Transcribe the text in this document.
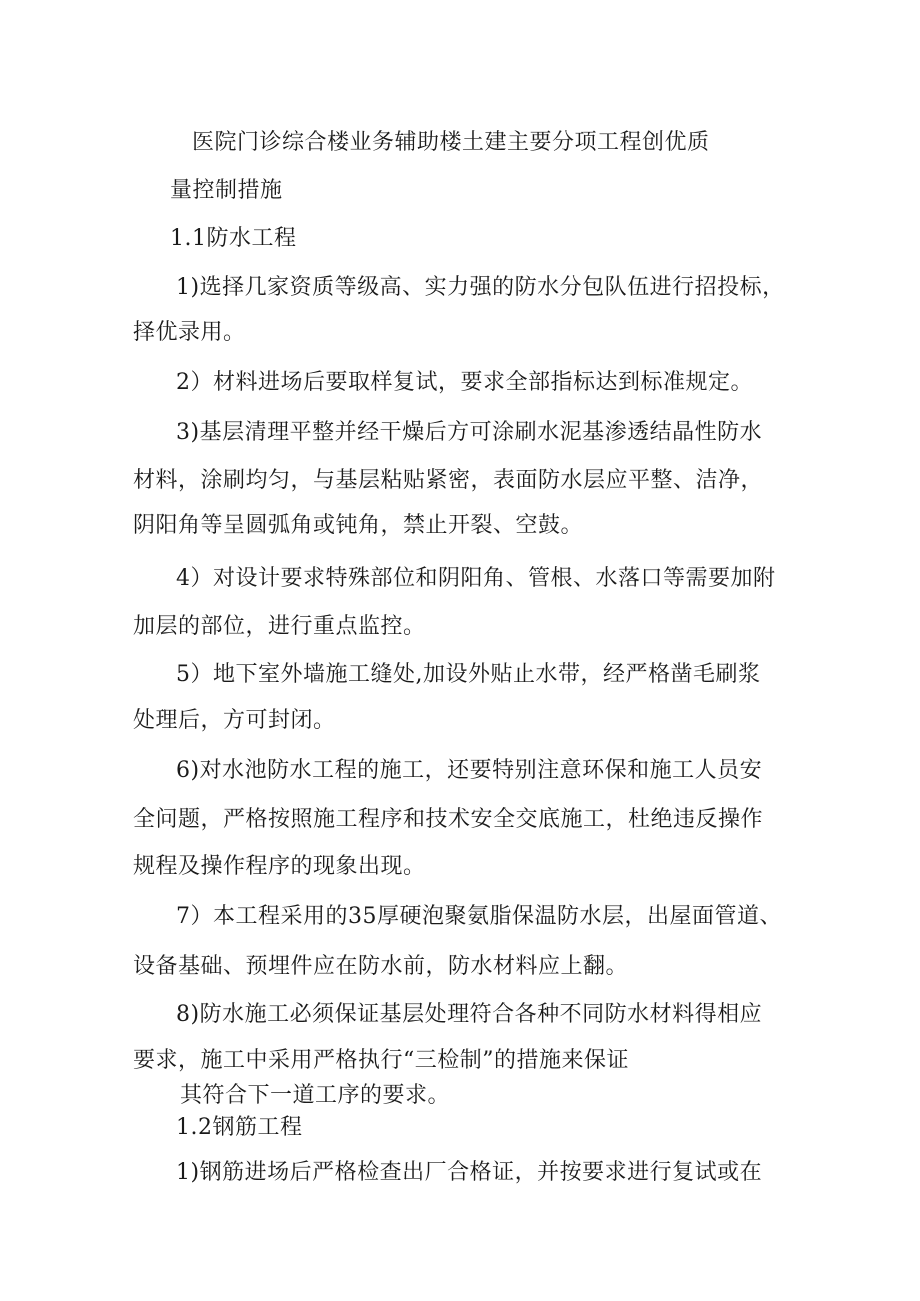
医院门诊综合楼业务辅助楼土建主要分项工程创优质
量控制措施
1.1防水工程
1)选择几家资质等级高、实力强的防水分包队伍进行招投标，
择优录用。
2）材料进场后要取样复试，要求全部指标达到标准规定。
3)基层清理平整并经干燥后方可涂刷水泥基渗透结晶性防水
材料，涂刷均匀，与基层粘贴紧密，表面防水层应平整、洁净，
阴阳角等呈圆弧角或钝角，禁止开裂、空鼓。
4）对设计要求特殊部位和阴阳角、管根、水落口等需要加附
加层的部位，进行重点监控。
5）地下室外墙施工缝处,加设外贴止水带，经严格凿毛刷浆
处理后，方可封闭。
6)对水池防水工程的施工，还要特别注意环保和施工人员安
全问题，严格按照施工程序和技术安全交底施工，杜绝违反操作
规程及操作程序的现象出现。
7）本工程采用的35厚硬泡聚氨脂保温防水层，出屋面管道、
设备基础、预埋件应在防水前，防水材料应上翻。
8)防水施工必须保证基层处理符合各种不同防水材料得相应
要求，施工中采用严格执行“三检制”的措施来保证
其符合下一道工序的要求。
1.2钢筋工程
1)钢筋进场后严格检查出厂合格证，并按要求进行复试或在
